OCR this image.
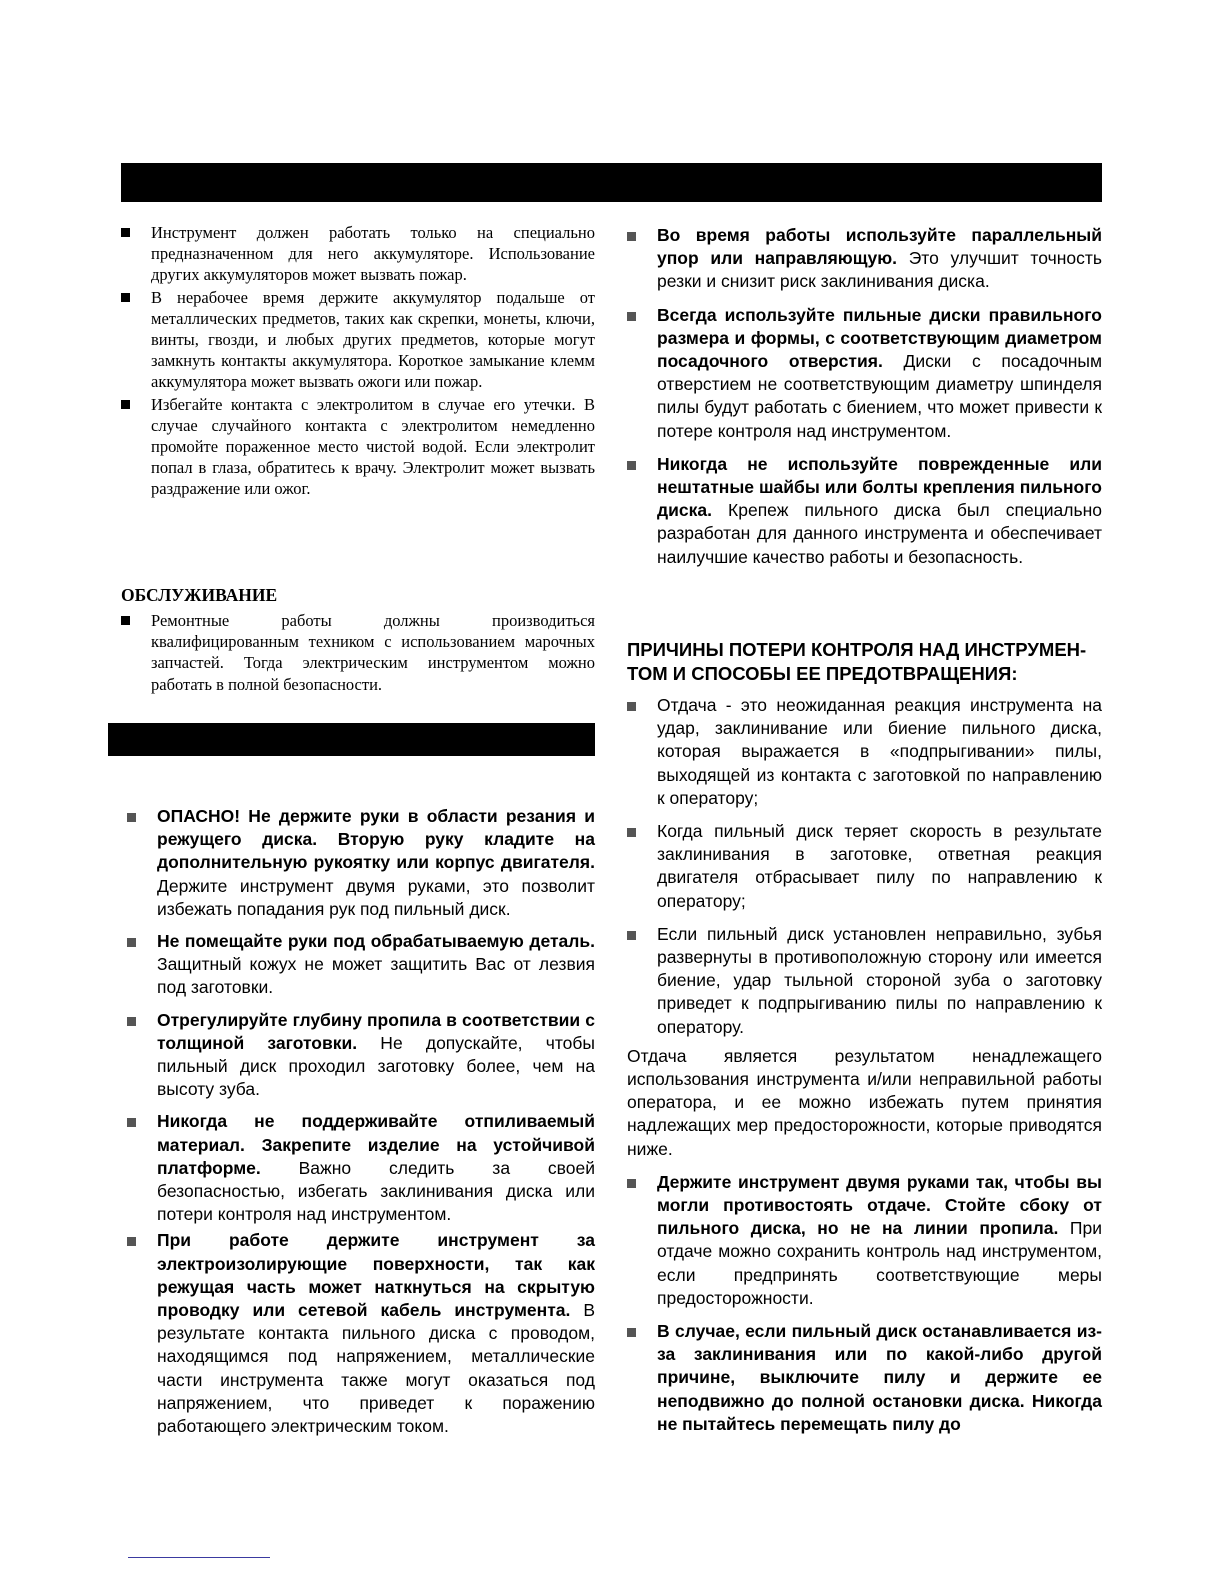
Инструмент должен работать только на специально предназначенном для него аккумуляторе. Использование других аккумуляторов может вызвать пожар.
В нерабочее время держите аккумулятор подальше от металлических предметов, таких как скрепки, монеты, ключи, винты, гвозди, и любых других предметов, которые могут замкнуть контакты аккумулятора. Короткое замыкание клемм аккумулятора может вызвать ожоги или пожар.
Избегайте контакта с электролитом в случае его утечки. В случае случайного контакта с электролитом немедленно промойте пораженное место чистой водой. Если электролит попал в глаза, обратитесь к врачу. Электролит может вызвать раздражение или ожог.
ОБСЛУЖИВАНИЕ
Ремонтные работы должны производиться квалифицированным техником с использованием марочных запчастей. Тогда электрическим инструментом можно работать в полной безопасности.
ОПАСНО! Не держите руки в области резания и режущего диска. Вторую руку кладите на дополнительную рукоятку или корпус двигателя. Держите инструмент двумя руками, это позволит избежать попадания рук под пильный диск.
Не помещайте руки под обрабатываемую деталь. Защитный кожух не может защитить Вас от лезвия под заготовки.
Отрегулируйте глубину пропила в соответствии с толщиной заготовки. Не допускайте, чтобы пильный диск проходил заготовку более, чем на высоту зуба.
Никогда не поддерживайте отпиливаемый материал. Закрепите изделие на устойчивой платформе. Важно следить за своей безопасностью, избегать заклинивания диска или потери контроля над инструментом.
При работе держите инструмент за электроизолирующие поверхности, так как режущая часть может наткнуться на скрытую проводку или сетевой кабель инструмента. В результате контакта пильного диска с проводом, находящимся под напряжением, металлические части инструмента также могут оказаться под напряжением, что приведет к поражению работающего электрическим током.
Во время работы используйте параллельный упор или направляющую. Это улучшит точность резки и снизит риск заклинивания диска.
Всегда используйте пильные диски правильного размера и формы, с соответствующим диаметром посадочного отверстия. Диски с посадочным отверстием не соответствующим диаметру шпинделя пилы будут работать с биением, что может привести к потере контроля над инструментом.
Никогда не используйте поврежденные или нештатные шайбы или болты крепления пильного диска. Крепеж пильного диска был специально разработан для данного инструмента и обеспечивает наилучшие качество работы и безопасность.
ПРИЧИНЫ ПОТЕРИ КОНТРОЛЯ НАД ИНСТРУМЕН-ТОМ И СПОСОБЫ ЕЕ ПРЕДОТВРАЩЕНИЯ:
Отдача - это неожиданная реакция инструмента на удар, заклинивание или биение пильного диска, которая выражается в «подпрыгивании» пилы, выходящей из контакта с заготовкой по направлению к оператору;
Когда пильный диск теряет скорость в результате заклинивания в заготовке, ответная реакция двигателя отбрасывает пилу по направлению к оператору;
Если пильный диск установлен неправильно, зубья развернуты в противоположную сторону или имеется биение, удар тыльной стороной зуба о заготовку приведет к подпрыгиванию пилы по направлению к оператору.
Отдача является результатом ненадлежащего использования инструмента и/или неправильной работы оператора, и ее можно избежать путем принятия надлежащих мер предосторожности, которые приводятся ниже.
Держите инструмент двумя руками так, чтобы вы могли противостоять отдаче. Стойте сбоку от пильного диска, но не на линии пропила. При отдаче можно сохранить контроль над инструментом, если предпринять соответствующие меры предосторожности.
В случае, если пильный диск останавливается из-за заклинивания или по какой-либо другой причине, выключите пилу и держите ее неподвижно до полной остановки диска. Никогда не пытайтесь перемещать пилу до
